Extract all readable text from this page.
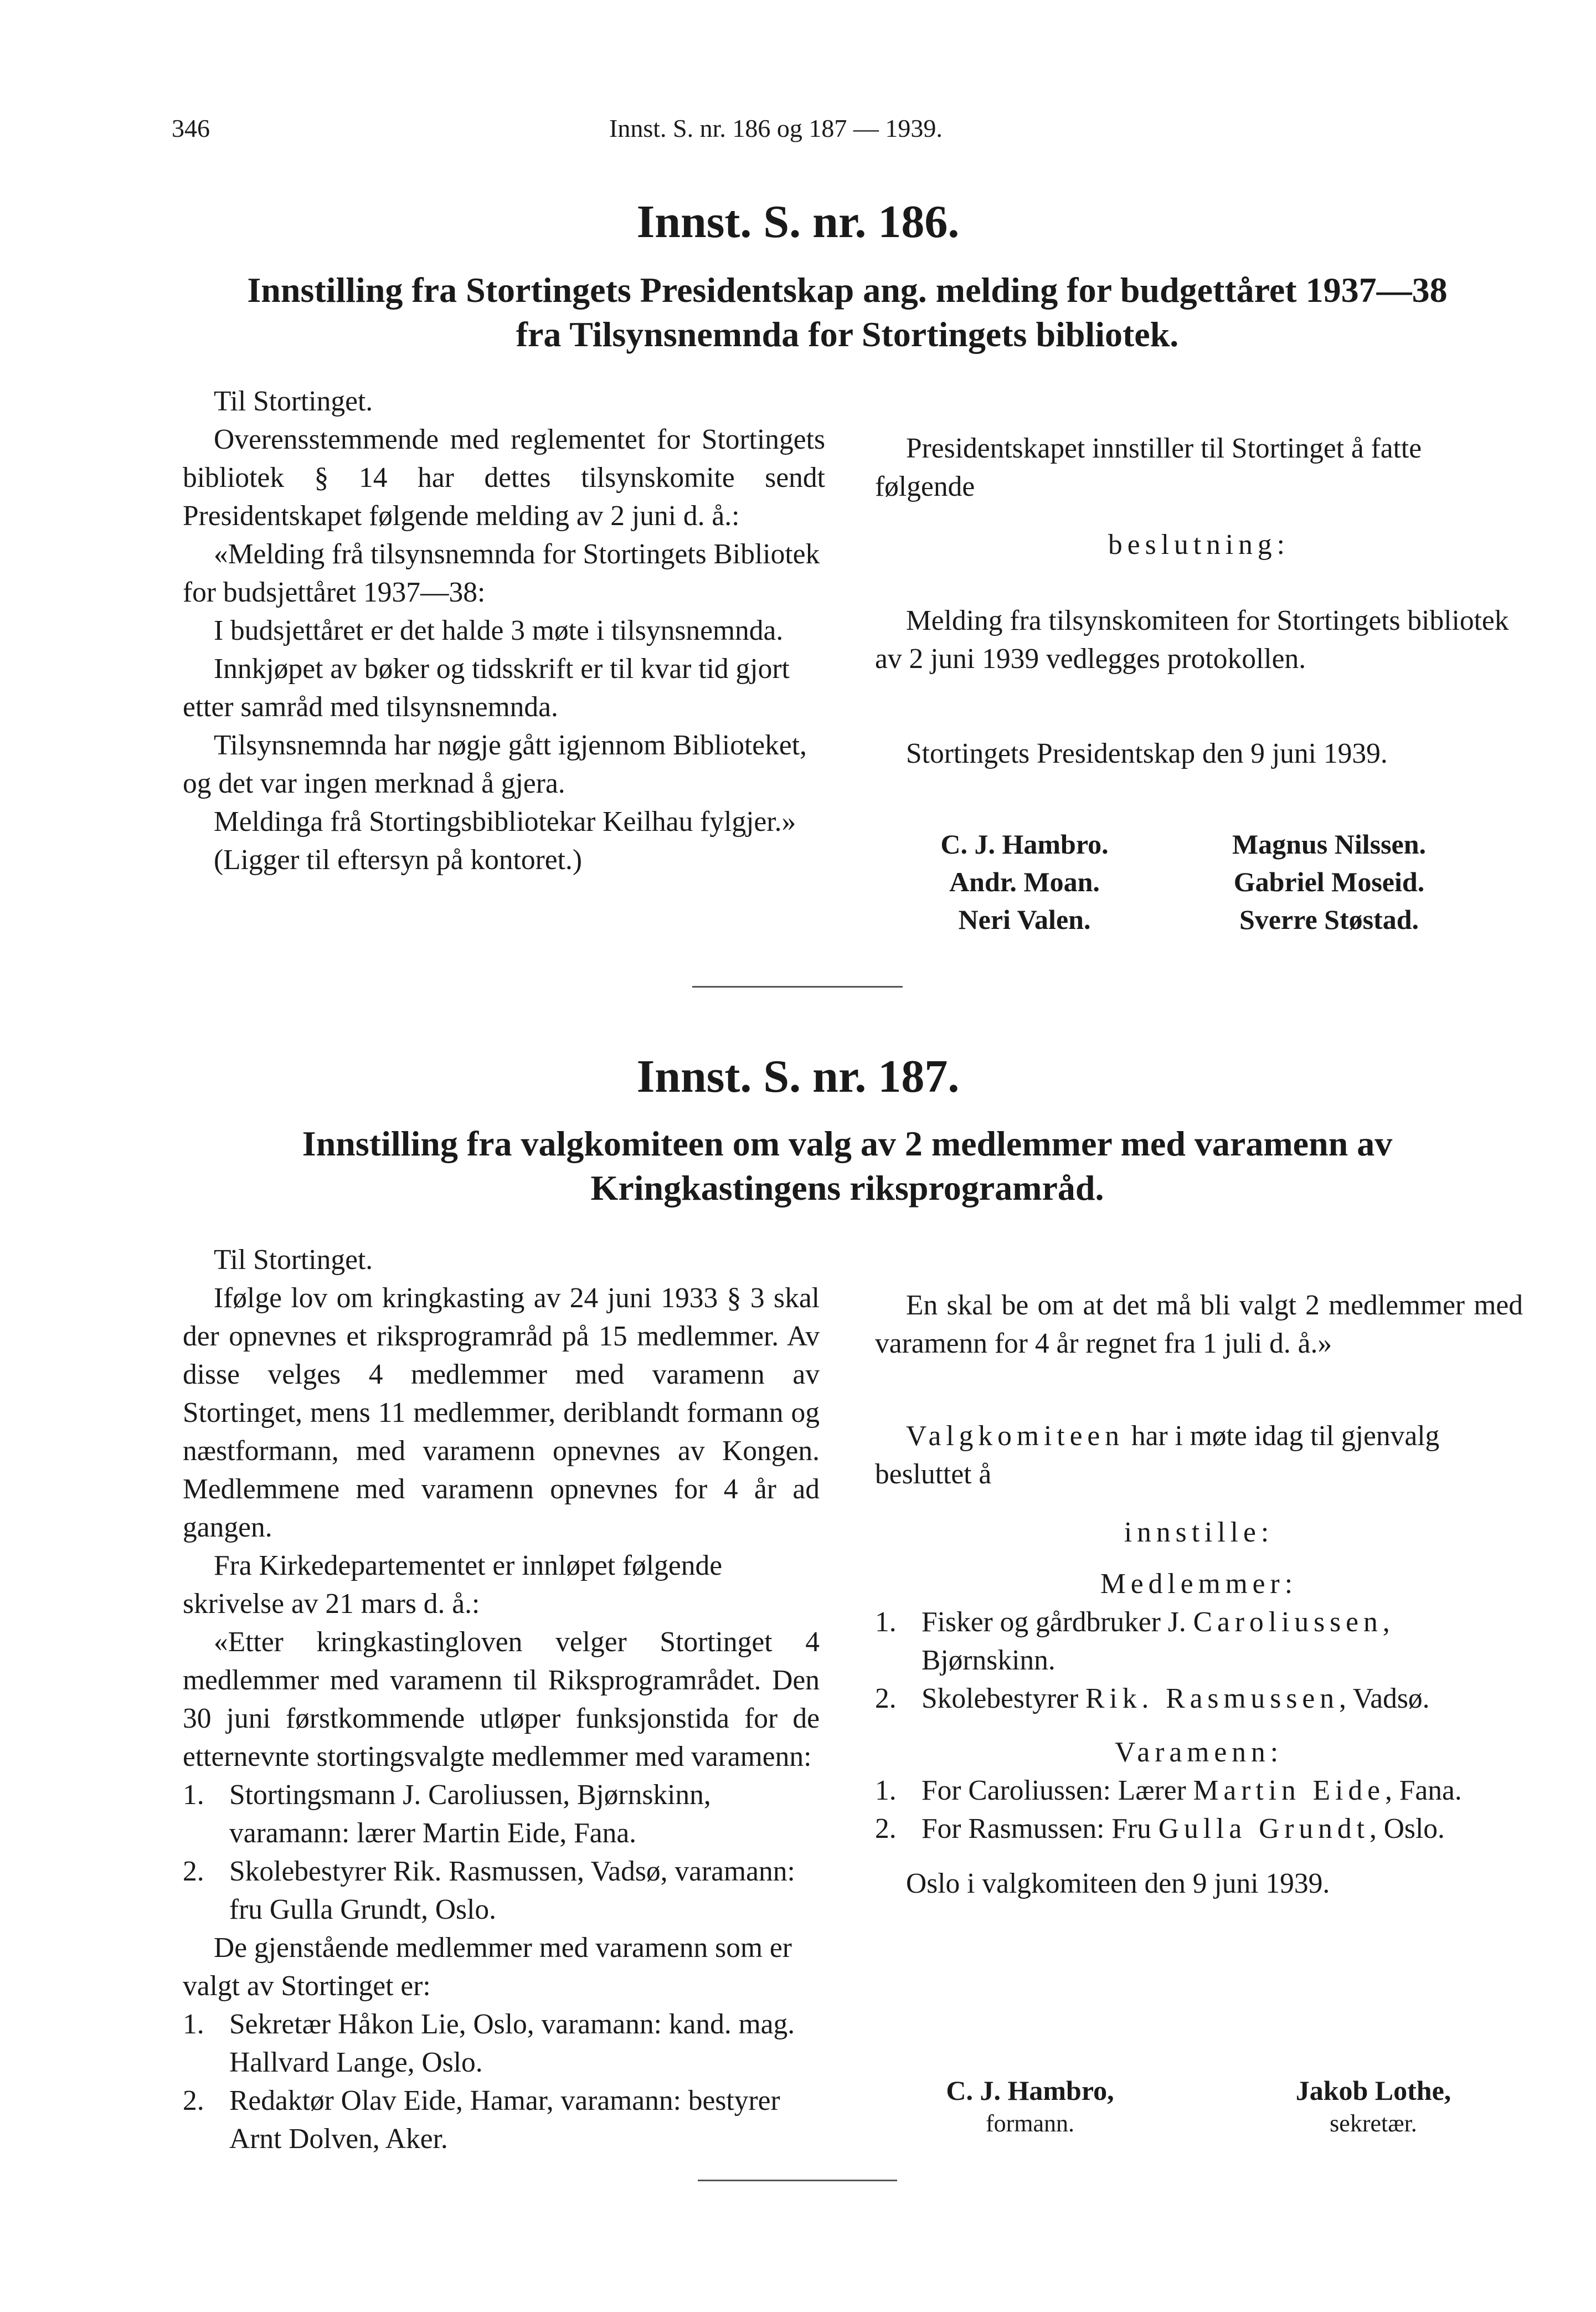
346	Innst. S. nr. 186 og 187 — 1939.
Innst. S. nr. 186.
Innstilling fra Stortingets Presidentskap ang. melding for budgettåret 1937—38
fra Tilsynsnemnda for Stortingets bibliotek.

Til Stortinget.

Overensstemmende med reglementet for Stortingets bibliotek § 14 har dettes tilsynskomite sendt Presidentskapet følgende melding av 2 juni d. å.:

«Melding frå tilsynsnemnda for Stortingets Bibliotek for budsjettåret 1937—38:

I budsjettåret er det halde 3 møte i tilsynsnemnda.

Innkjøpet av bøker og tidsskrift er til kvar tid gjort etter samråd med tilsynsnemnda.

Tilsynsnemnda har nøgje gått igjennom Biblioteket, og det var ingen merknad å gjera.

Meldinga frå Stortingsbibliotekar Keilhau fylgjer.»

(Ligger til eftersyn på kontoret.)

Presidentskapet innstiller til Stortinget å fatte følgende

beslutning:

Melding fra tilsynskomiteen for Stortingets bibliotek av 2 juni 1939 vedlegges protokollen.

Stortingets Presidentskap den 9 juni 1939.

C. J. Hambro.
Andr. Moan.
Neri Valen.
Magnus Nilssen.
Gabriel Moseid.
Sverre Støstad.
Innst. S. nr. 187.
Innstilling fra valgkomiteen om valg av 2 medlemmer med varamenn av
Kringkastingens riksprogramråd.

Til Stortinget.

Ifølge lov om kringkasting av 24 juni 1933 § 3 skal der opnevnes et riksprogramråd på 15 medlemmer. Av disse velges 4 medlemmer med varamenn av Stortinget, mens 11 medlemmer, deriblandt formann og næstformann, med varamenn opnevnes av Kongen. Medlemmene med varamenn opnevnes for 4 år ad gangen.

Fra Kirkedepartementet er innløpet følgende skrivelse av 21 mars d. å.:

«Etter kringkastingloven velger Stortinget 4 medlemmer med varamenn til Riksprogramrådet. Den 30 juni førstkommende utløper funksjonstida for de etternevnte stortingsvalgte medlemmer med varamenn:

1. Stortingsmann J. Caroliussen, Bjørnskinn, varamann: lærer Martin Eide, Fana.
2. Skolebestyrer Rik. Rasmussen, Vadsø, varamann: fru Gulla Grundt, Oslo.

De gjenstående medlemmer med varamenn som er valgt av Stortinget er:

1. Sekretær Håkon Lie, Oslo, varamann: kand. mag. Hallvard Lange, Oslo.
2. Redaktør Olav Eide, Hamar, varamann: bestyrer Arnt Dolven, Aker.

En skal be om at det må bli valgt 2 medlemmer med varamenn for 4 år regnet fra 1 juli d. å.»

Valgkomiteen har i møte idag til gjenvalg besluttet å

innstille:

Medlemmer:

1. Fisker og gårdbruker J. Caroliussen, Bjørnskinn.
2. Skolebestyrer Rik. Rasmussen, Vadsø.

Varamenn:

1. For Caroliussen: Lærer Martin Eide, Fana.
2. For Rasmussen: Fru Gulla Grundt, Oslo.

Oslo i valgkomiteen den 9 juni 1939.

C. J. Hambro,
formann.
Jakob Lothe,
sekretær.
